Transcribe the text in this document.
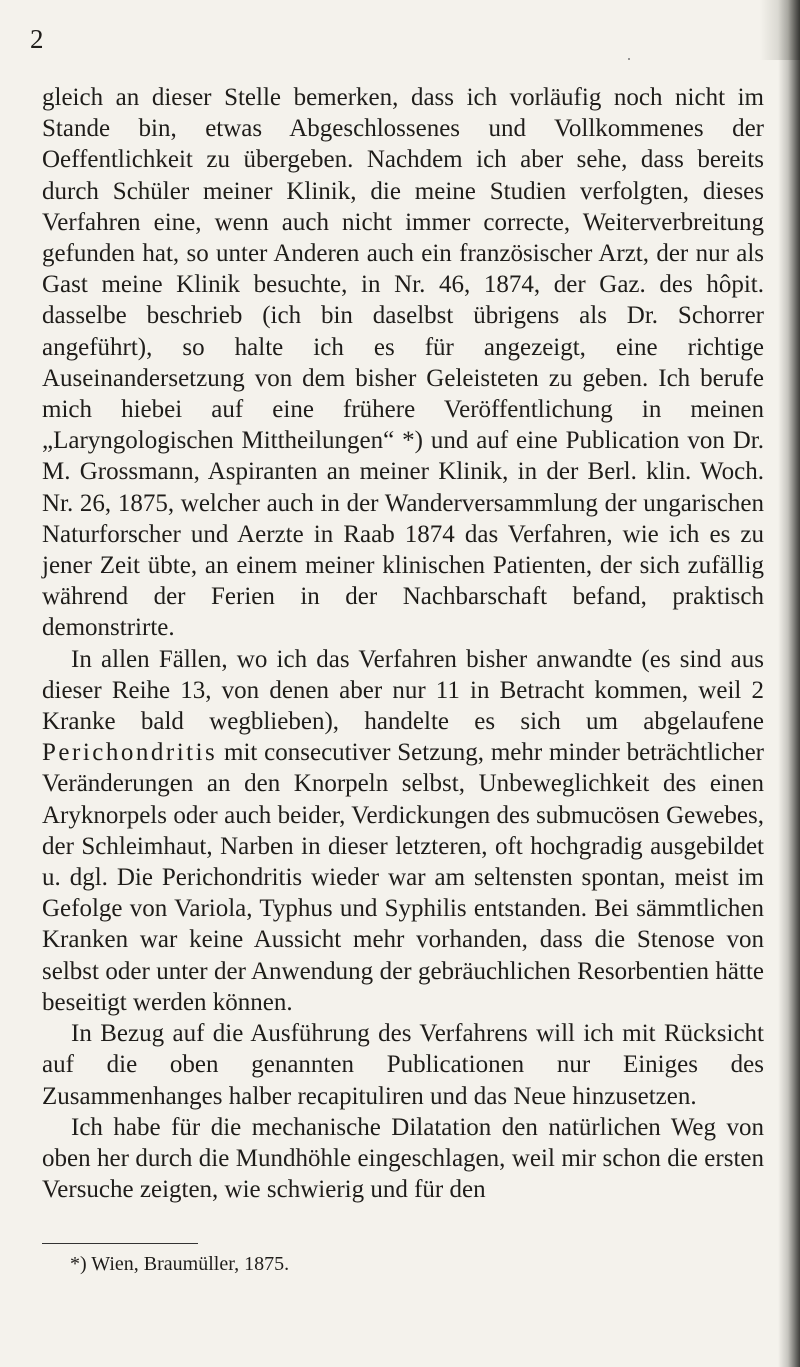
2

gleich an dieser Stelle bemerken, dass ich vorläufig noch nicht im Stande bin, etwas Abgeschlossenes und Vollkommenes der Oeffentlichkeit zu übergeben. Nachdem ich aber sehe, dass bereits durch Schüler meiner Klinik, die meine Studien verfolgten, dieses Verfahren eine, wenn auch nicht immer correcte, Weiterverbreitung gefunden hat, so unter Anderen auch ein französischer Arzt, der nur als Gast meine Klinik besuchte, in Nr. 46, 1874, der Gaz. des hôpit. dasselbe beschrieb (ich bin daselbst übrigens als Dr. Schorrer angeführt), so halte ich es für angezeigt, eine richtige Auseinandersetzung von dem bisher Geleisteten zu geben. Ich berufe mich hiebei auf eine frühere Veröffentlichung in meinen „Laryngologischen Mittheilungen“ *) und auf eine Publication von Dr. M. Grossmann, Aspiranten an meiner Klinik, in der Berl. klin. Woch. Nr. 26, 1875, welcher auch in der Wanderversammlung der ungarischen Naturforscher und Aerzte in Raab 1874 das Verfahren, wie ich es zu jener Zeit übte, an einem meiner klinischen Patienten, der sich zufällig während der Ferien in der Nachbarschaft befand, praktisch demonstrirte.

In allen Fällen, wo ich das Verfahren bisher anwandte (es sind aus dieser Reihe 13, von denen aber nur 11 in Betracht kommen, weil 2 Kranke bald wegblieben), handelte es sich um abgelaufene Perichondritis mit consecutiver Setzung, mehr minder beträchtlicher Veränderungen an den Knorpeln selbst, Unbeweglichkeit des einen Aryknorpels oder auch beider, Verdickungen des submucösen Gewebes, der Schleimhaut, Narben in dieser letzteren, oft hochgradig ausgebildet u. dgl. Die Perichondritis wieder war am seltensten spontan, meist im Gefolge von Variola, Typhus und Syphilis entstanden. Bei sämmtlichen Kranken war keine Aussicht mehr vorhanden, dass die Stenose von selbst oder unter der Anwendung der gebräuchlichen Resorbentien hätte beseitigt werden können.

In Bezug auf die Ausführung des Verfahrens will ich mit Rücksicht auf die oben genannten Publicationen nur Einiges des Zusammenhanges halber recapituliren und das Neue hinzusetzen.

Ich habe für die mechanische Dilatation den natürlichen Weg von oben her durch die Mundhöhle eingeschlagen, weil mir schon die ersten Versuche zeigten, wie schwierig und für den

*) Wien, Braumüller, 1875.
